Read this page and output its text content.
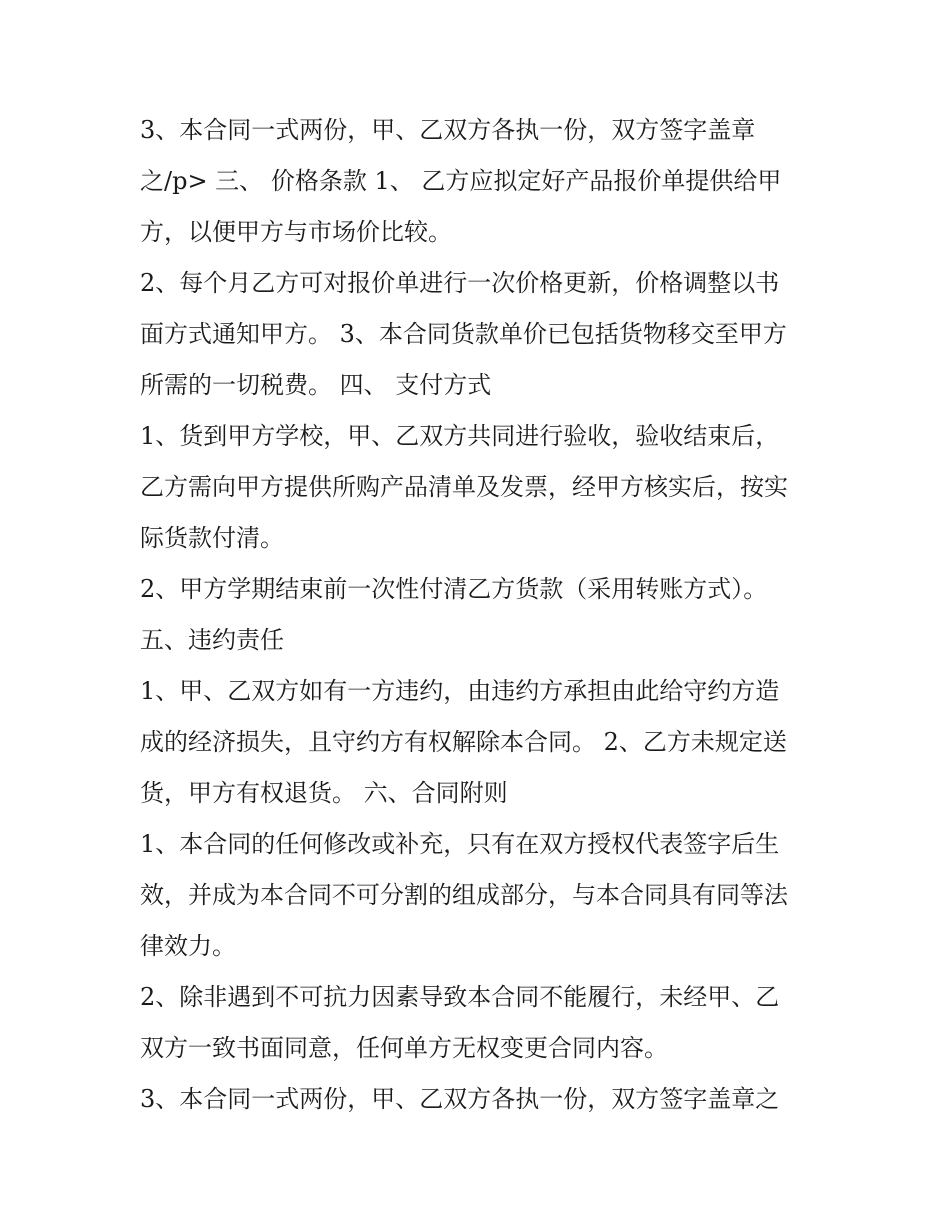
3、本合同一式两份，甲、乙双方各执一份，双方签字盖章
之/p> 三、 价格条款 1、 乙方应拟定好产品报价单提供给甲
方，以便甲方与市场价比较。
2、每个月乙方可对报价单进行一次价格更新，价格调整以书
面方式通知甲方。 3、本合同货款单价已包括货物移交至甲方
所需的一切税费。 四、 支付方式
1、货到甲方学校，甲、乙双方共同进行验收，验收结束后，
乙方需向甲方提供所购产品清单及发票，经甲方核实后，按实
际货款付清。
2、甲方学期结束前一次性付清乙方货款（采用转账方式）。
五、违约责任
1、甲、乙双方如有一方违约，由违约方承担由此给守约方造
成的经济损失，且守约方有权解除本合同。 2、乙方未规定送
货，甲方有权退货。 六、合同附则
1、本合同的任何修改或补充，只有在双方授权代表签字后生
效，并成为本合同不可分割的组成部分，与本合同具有同等法
律效力。
2、除非遇到不可抗力因素导致本合同不能履行，未经甲、乙
双方一致书面同意，任何单方无权变更合同内容。
3、本合同一式两份，甲、乙双方各执一份，双方签字盖章之
